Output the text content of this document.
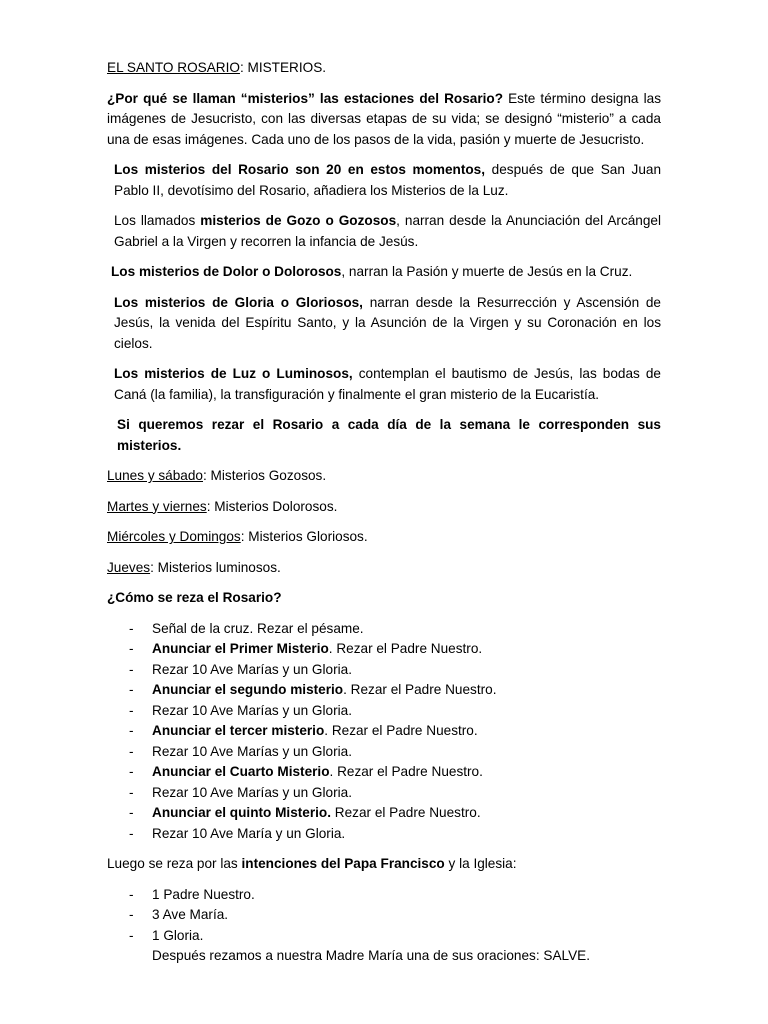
EL SANTO ROSARIO: MISTERIOS.

¿Por qué se llaman “misterios” las estaciones del Rosario? Este término designa las imágenes de Jesucristo, con las diversas etapas de su vida; se designó “misterio” a cada una de esas imágenes. Cada uno de los pasos de la vida, pasión y muerte de Jesucristo.

Los misterios del Rosario son 20 en estos momentos, después de que San Juan Pablo II, devotísimo del Rosario, añadiera los Misterios de la Luz.

Los llamados misterios de Gozo o Gozosos, narran desde la Anunciación del Arcángel Gabriel a la Virgen y recorren la infancia de Jesús.

Los misterios de Dolor o Dolorosos, narran la Pasión y muerte de Jesús en la Cruz.

Los misterios de Gloria o Gloriosos, narran desde la Resurrección y Ascensión de Jesús, la venida del Espíritu Santo, y la Asunción de la Virgen y su Coronación en los cielos.

Los misterios de Luz o Luminosos, contemplan el bautismo de Jesús, las bodas de Caná (la familia), la transfiguración y finalmente el gran misterio de la Eucaristía.

Si queremos rezar el Rosario a cada día de la semana le corresponden sus misterios.

Lunes y sábado: Misterios Gozosos.

Martes y viernes: Misterios Dolorosos.

Miércoles y Domingos: Misterios Gloriosos.

Jueves: Misterios luminosos.

¿Cómo se reza el Rosario?

- Señal de la cruz. Rezar el pésame.
- Anunciar el Primer Misterio. Rezar el Padre Nuestro.
- Rezar 10 Ave Marías y un Gloria.
- Anunciar el segundo misterio. Rezar el Padre Nuestro.
- Rezar 10 Ave Marías y un Gloria.
- Anunciar el tercer misterio. Rezar el Padre Nuestro.
- Rezar 10 Ave Marías y un Gloria.
- Anunciar el Cuarto Misterio. Rezar el Padre Nuestro.
- Rezar 10 Ave Marías y un Gloria.
- Anunciar el quinto Misterio. Rezar el Padre Nuestro.
- Rezar 10 Ave María y un Gloria.

Luego se reza por las intenciones del Papa Francisco y la Iglesia:

- 1 Padre Nuestro.
- 3 Ave María.
- 1 Gloria.

Después rezamos a nuestra Madre María una de sus oraciones: SALVE.
